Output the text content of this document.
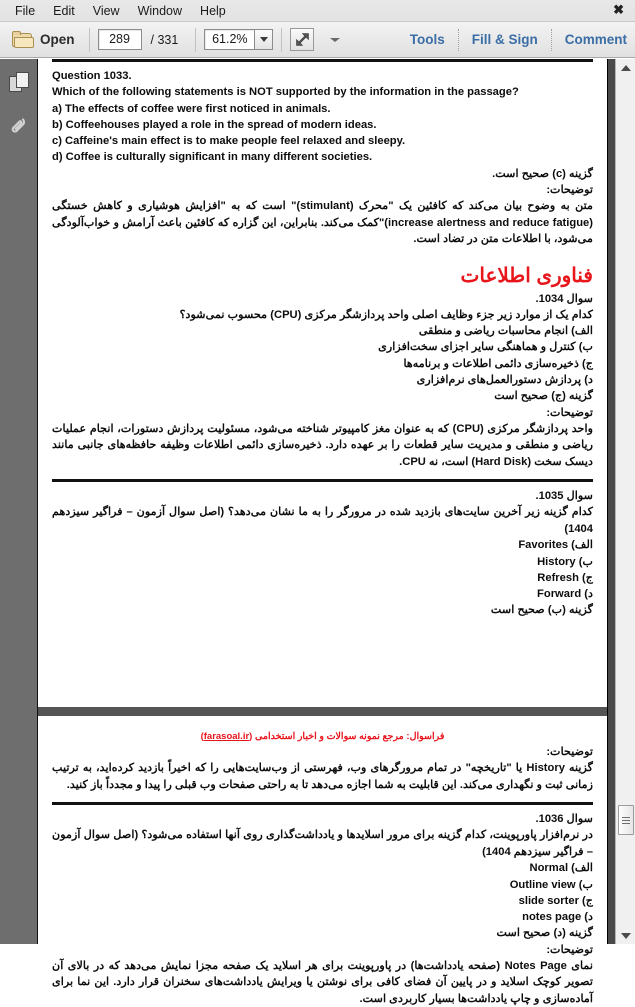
File	Edit	View	Window	Help	✖
Open	289	/ 331	61.2%	Tools Fill & Sign Comment
Question 1033.
Which of the following statements is NOT supported by the information in the passage?
a) The effects of coffee were first noticed in animals.
b) Coffeehouses played a role in the spread of modern ideas.
c) Caffeine's main effect is to make people feel relaxed and sleepy.
d) Coffee is culturally significant in many different societies.
گزینه (c) صحیح است.
توضیحات:
متن به وضوح بیان می‌کند که کافئین یک "محرک (stimulant)" است که به "افزایش هوشیاری و کاهش خستگی (increase alertness and reduce fatigue)"کمک می‌کند. بنابراین، این گزاره که کافئین باعث آرامش و خواب‌آلودگی می‌شود، با اطلاعات متن در تضاد است.
فناوری اطلاعات
سوال 1034.
کدام یک از موارد زیر جزء وظایف اصلی واحد پردازشگر مرکزی (CPU) محسوب نمی‌شود؟
الف) انجام محاسبات ریاضی و منطقی
ب) کنترل و هماهنگی سایر اجزای سخت‌افزاری
ج) ذخیره‌سازی دائمی اطلاعات و برنامه‌ها
د) پردازش دستورالعمل‌های نرم‌افزاری
گزینه (ج) صحیح است
توضیحات:
واحد پردازشگر مرکزی (CPU) که به عنوان مغز کامپیوتر شناخته می‌شود، مسئولیت پردازش دستورات، انجام عملیات ریاضی و منطقی و مدیریت سایر قطعات را بر عهده دارد. ذخیره‌سازی دائمی اطلاعات وظیفه حافظه‌های جانبی مانند دیسک سخت (Hard Disk) است، نه CPU.
سوال 1035.
کدام گزینه زیر آخرین سایت‌های بازدید شده در مرورگر را به ما نشان می‌دهد؟ (اصل سوال آزمون – فراگیر سیزدهم 1404)
الف) Favorites
ب) History
ج) Refresh
د) Forward
گزینه (ب) صحیح است
فراسوال: مرجع نمونه سوالات و اخبار استخدامی (farasoal.ir)
توضیحات:
گزینه History یا "تاریخچه" در تمام مرورگرهای وب، فهرستی از وب‌سایت‌هایی را که اخیراً بازدید کرده‌اید، به ترتیب زمانی ثبت و نگهداری می‌کند. این قابلیت به شما اجازه می‌دهد تا به راحتی صفحات وب قبلی را پیدا و مجدداً باز کنید.
سوال 1036.
در نرم‌افزار پاورپوینت، کدام گزینه برای مرور اسلایدها و یادداشت‌گذاری روی آنها استفاده می‌شود؟ (اصل سوال آزمون – فراگیر سیزدهم 1404)
الف) Normal
ب) Outline view
ج) slide sorter
د) notes page
گزینه (د) صحیح است
توضیحات:
نمای Notes Page (صفحه یادداشت‌ها) در پاورپوینت برای هر اسلاید یک صفحه مجزا نمایش می‌دهد که در بالای آن تصویر کوچک اسلاید و در پایین آن فضای کافی برای نوشتن یا ویرایش یادداشت‌های سخنران قرار دارد. این نما برای آماده‌سازی و چاپ یادداشت‌ها بسیار کاربردی است.
